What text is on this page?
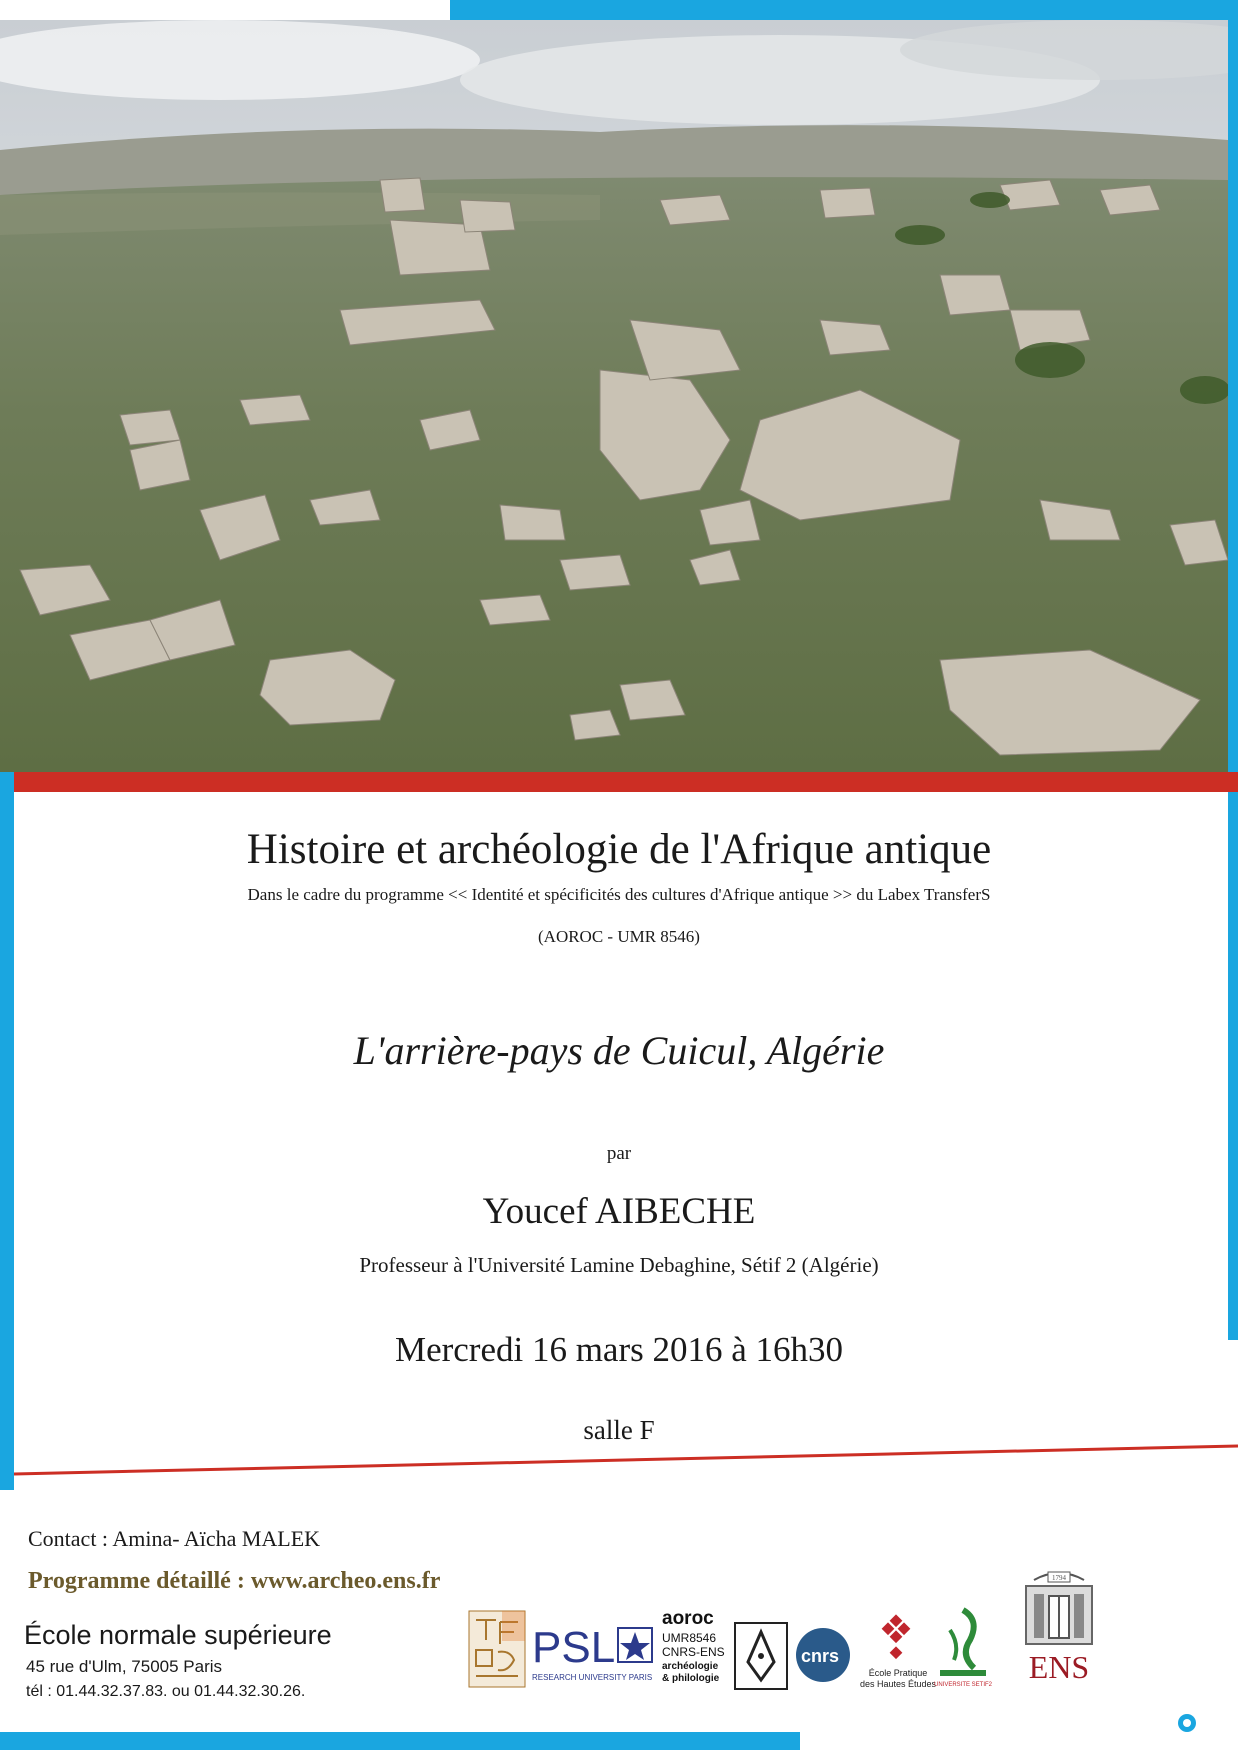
Histoire et archéologie de l'Afrique antique
Dans le cadre du programme << Identité et spécificités des cultures d'Afrique antique >> du Labex TransferS
(AOROC - UMR 8546)
L'arrière-pays de Cuicul, Algérie
par
Youcef AIBECHE
Professeur à l'Université Lamine Debaghine, Sétif 2 (Algérie)
Mercredi 16 mars 2016 à 16h30
salle F
Contact : Amina- Aïcha MALEK
Programme détaillé : www.archeo.ens.fr
École normale supérieure
45 rue d'Ulm, 75005 Paris
tél : 01.44.32.37.83. ou 01.44.32.30.26.
PSL
RESEARCH UNIVERSITY PARIS
aoroc
UMR8546
CNRS-ENS
archéologie
& philologie
cnrs
École Pratique
des Hautes Études
UNIVERSITE SETIF2
1794
ENS
